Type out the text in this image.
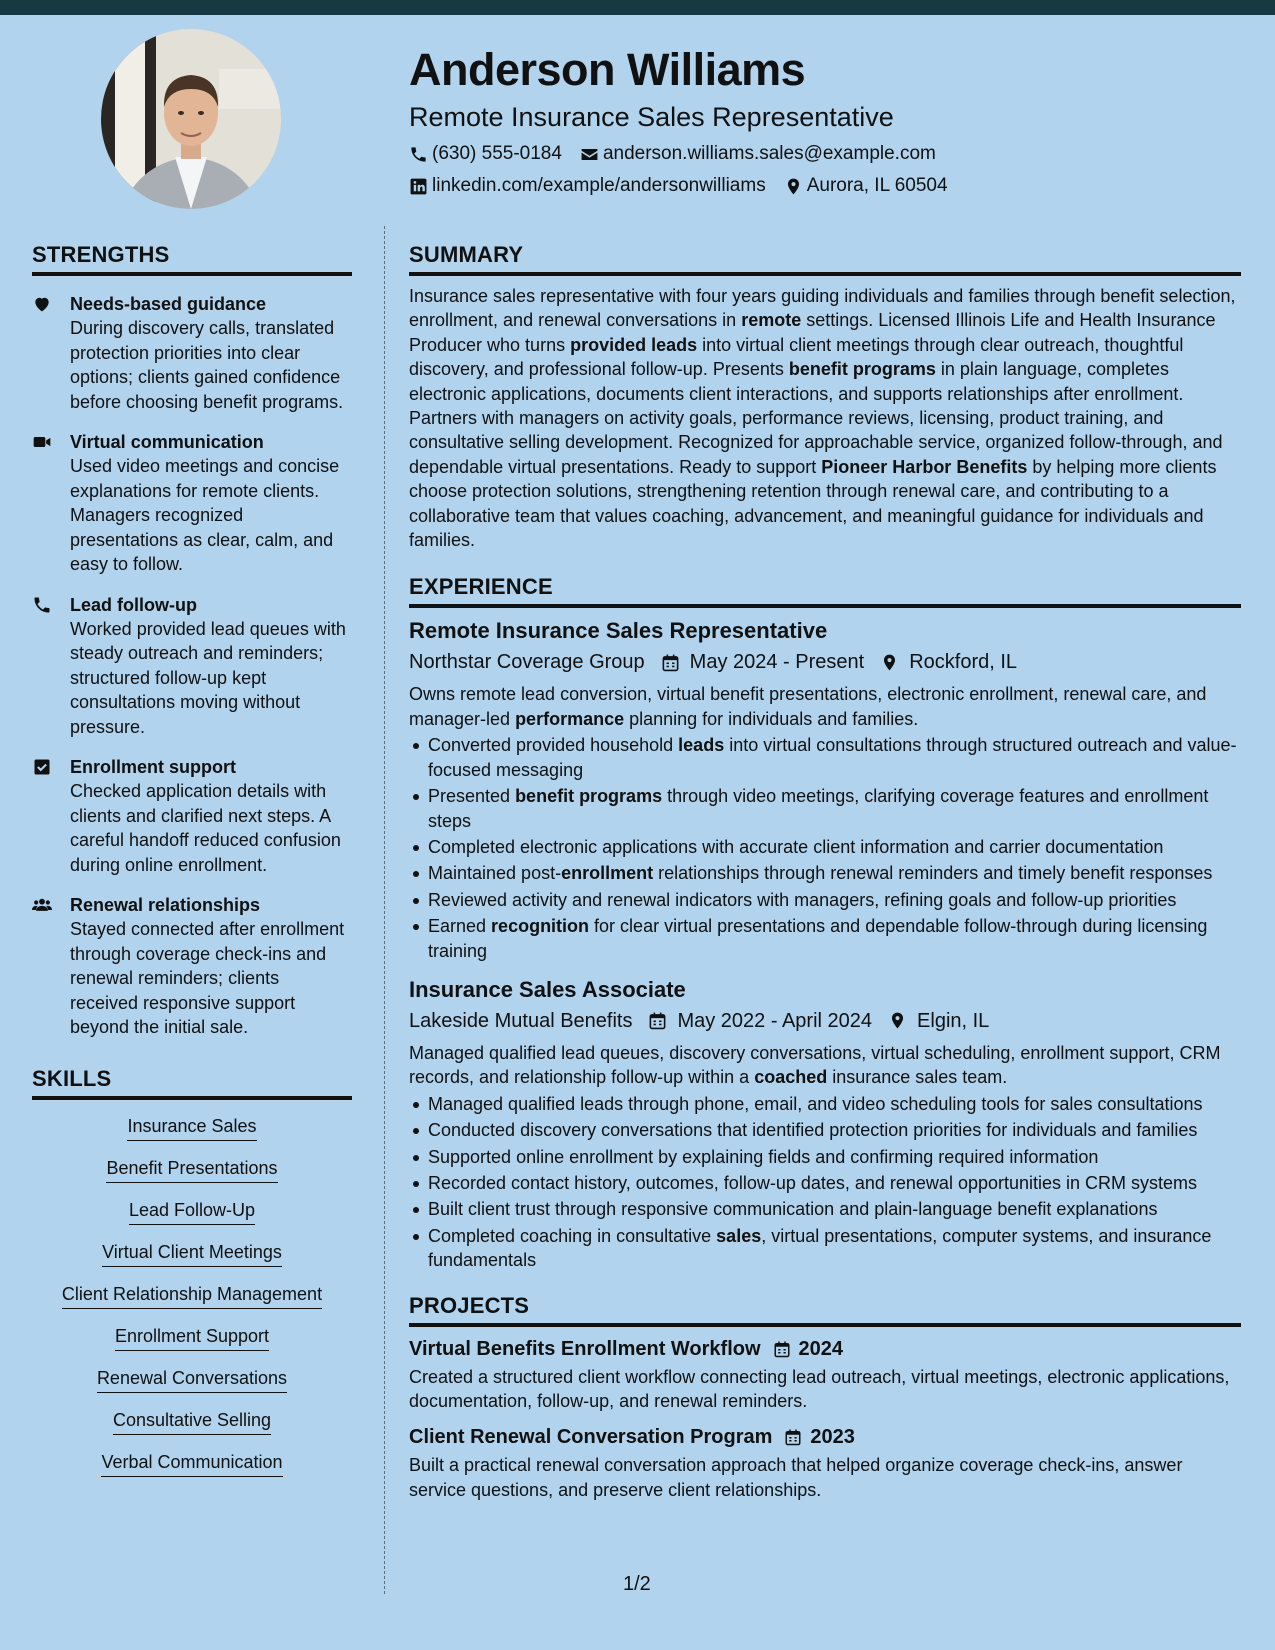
Anderson Williams
Remote Insurance Sales Representative
(630) 555-0184 anderson.williams.sales@example.com
linkedin.com/example/andersonwilliams Aurora, IL 60504
STRENGTHS
Needs-based guidance
During discovery calls, translated protection priorities into clear options; clients gained confidence before choosing benefit programs.
Virtual communication
Used video meetings and concise explanations for remote clients. Managers recognized presentations as clear, calm, and easy to follow.
Lead follow-up
Worked provided lead queues with steady outreach and reminders; structured follow-up kept consultations moving without pressure.
Enrollment support
Checked application details with clients and clarified next steps. A careful handoff reduced confusion during online enrollment.
Renewal relationships
Stayed connected after enrollment through coverage check-ins and renewal reminders; clients received responsive support beyond the initial sale.
SKILLS
Insurance Sales
Benefit Presentations
Lead Follow-Up
Virtual Client Meetings
Client Relationship Management
Enrollment Support
Renewal Conversations
Consultative Selling
Verbal Communication
SUMMARY

Insurance sales representative with four years guiding individuals and families through benefit selection, enrollment, and renewal conversations in remote settings. Licensed Illinois Life and Health Insurance Producer who turns provided leads into virtual client meetings through clear outreach, thoughtful discovery, and professional follow-up. Presents benefit programs in plain language, completes electronic applications, documents client interactions, and supports relationships after enrollment. Partners with managers on activity goals, performance reviews, licensing, product training, and consultative selling development. Recognized for approachable service, organized follow-through, and dependable virtual presentations. Ready to support Pioneer Harbor Benefits by helping more clients choose protection solutions, strengthening retention through renewal care, and contributing to a collaborative team that values coaching, advancement, and meaningful guidance for individuals and families.

EXPERIENCE
Remote Insurance Sales Representative
Northstar Coverage Group May 2024 - Present Rockford, IL

Owns remote lead conversion, virtual benefit presentations, electronic enrollment, renewal care, and manager-led performance planning for individuals and families.

Converted provided household leads into virtual consultations through structured outreach and value-focused messaging
Presented benefit programs through video meetings, clarifying coverage features and enrollment steps
Completed electronic applications with accurate client information and carrier documentation
Maintained post-enrollment relationships through renewal reminders and timely benefit responses
Reviewed activity and renewal indicators with managers, refining goals and follow-up priorities
Earned recognition for clear virtual presentations and dependable follow-through during licensing training
Insurance Sales Associate
Lakeside Mutual Benefits May 2022 - April 2024 Elgin, IL

Managed qualified lead queues, discovery conversations, virtual scheduling, enrollment support, CRM records, and relationship follow-up within a coached insurance sales team.

Managed qualified leads through phone, email, and video scheduling tools for sales consultations
Conducted discovery conversations that identified protection priorities for individuals and families
Supported online enrollment by explaining fields and confirming required information
Recorded contact history, outcomes, follow-up dates, and renewal opportunities in CRM systems
Built client trust through responsive communication and plain-language benefit explanations
Completed coaching in consultative sales, virtual presentations, computer systems, and insurance fundamentals
PROJECTS
Virtual Benefits Enrollment Workflow 2024

Created a structured client workflow connecting lead outreach, virtual meetings, electronic applications, documentation, follow-up, and renewal reminders.

Client Renewal Conversation Program 2023

Built a practical renewal conversation approach that helped organize coverage check-ins, answer service questions, and preserve client relationships.

1/2
